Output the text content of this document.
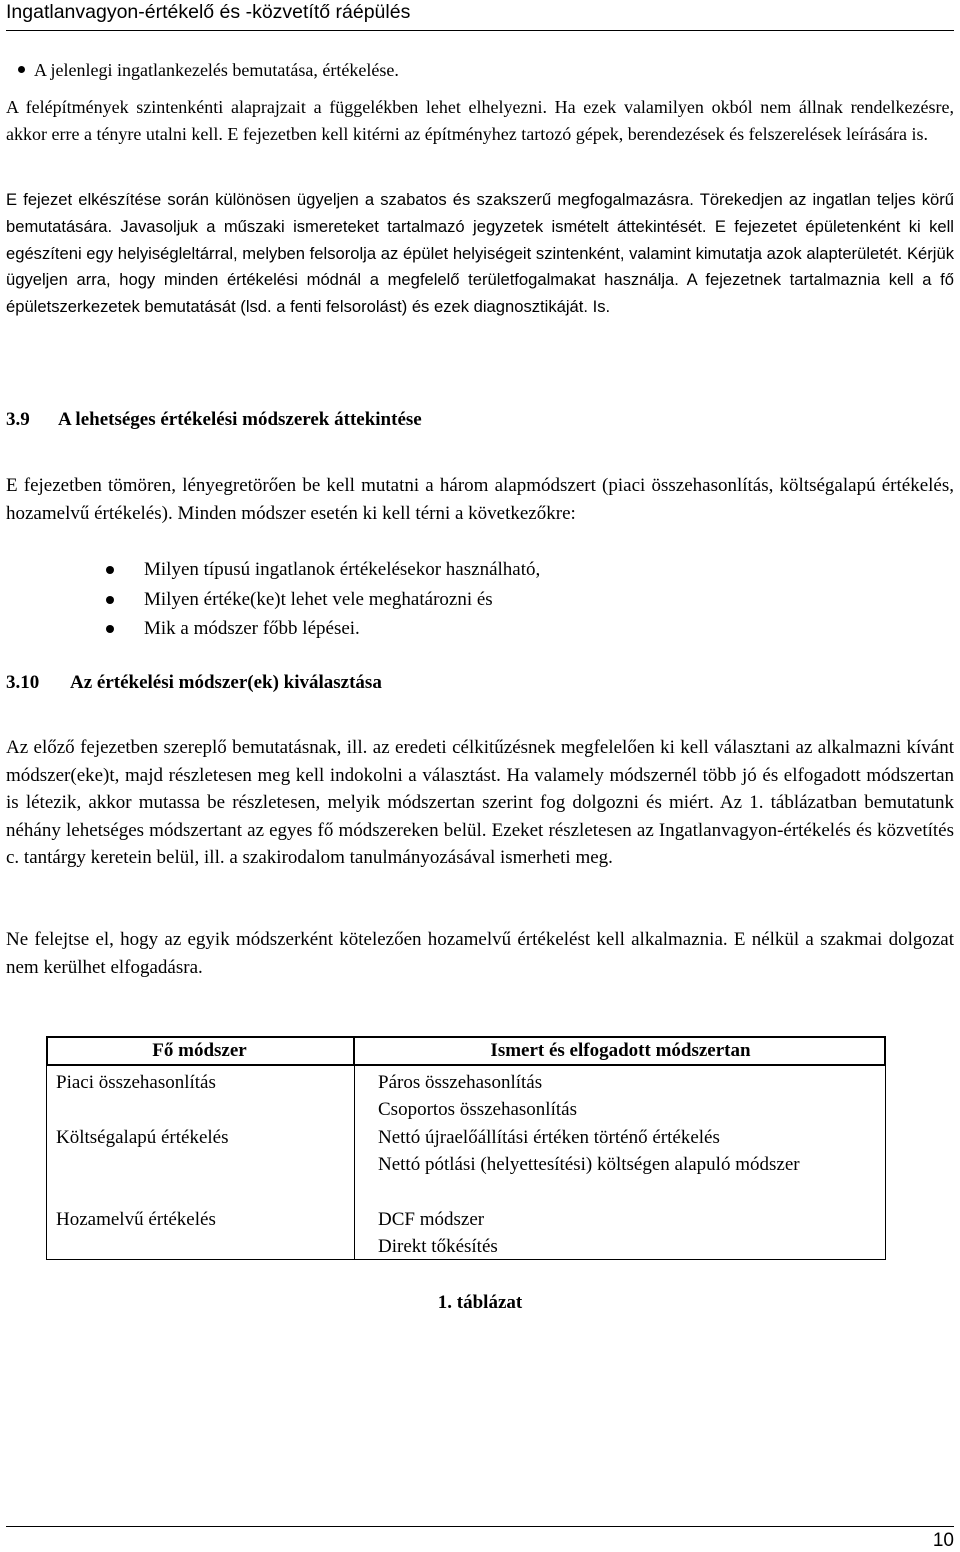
Ingatlanvagyon-értékelő és -közvetítő ráépülés
A jelenlegi ingatlankezelés bemutatása, értékelése.
A felépítmények szintenkénti alaprajzait a függelékben lehet elhelyezni. Ha ezek valamilyen okból nem állnak rendelkezésre, akkor erre a tényre utalni kell. E fejezetben kell kitérni az építményhez tartozó gépek, berendezések és felszerelések leírására is.
E fejezet elkészítése során különösen ügyeljen a szabatos és szakszerű megfogalmazásra. Törekedjen az ingatlan teljes körű bemutatására. Javasoljuk a műszaki ismereteket tartalmazó jegyzetek ismételt áttekintését. E fejezetet épületenként ki kell egészíteni egy helyiségleltárral, melyben felsorolja az épület helyiségeit szintenként, valamint kimutatja azok alapterületét. Kérjük ügyeljen arra, hogy minden értékelési módnál a megfelelő területfogalmakat használja. A fejezetnek tartalmaznia kell a fő épületszerkezetek bemutatását (lsd. a fenti felsorolást) és ezek diagnosztikáját. Is.
3.9 A lehetséges értékelési módszerek áttekintése
E fejezetben tömören, lényegretörően be kell mutatni a három alapmódszert (piaci összehasonlítás, költségalapú értékelés, hozamelvű értékelés). Minden módszer esetén ki kell térni a következőkre:
Milyen típusú ingatlanok értékelésekor használható,
Milyen értéke(ke)t lehet vele meghatározni és
Mik a módszer főbb lépései.
3.10 Az értékelési módszer(ek) kiválasztása
Az előző fejezetben szereplő bemutatásnak, ill. az eredeti célkitűzésnek megfelelően ki kell választani az alkalmazni kívánt módszer(eke)t, majd részletesen meg kell indokolni a választást. Ha valamely módszernél több jó és elfogadott módszertan is létezik, akkor mutassa be részletesen, melyik módszertan szerint fog dolgozni és miért. Az 1. táblázatban bemutatunk néhány lehetséges módszertant az egyes fő módszereken belül. Ezeket részletesen az Ingatlanvagyon-értékelés és közvetítés c. tantárgy keretein belül, ill. a szakirodalom tanulmányozásával ismerheti meg.
Ne felejtse el, hogy az egyik módszerként kötelezően hozamelvű értékelést kell alkalmaznia. E nélkül a szakmai dolgozat nem kerülhet elfogadásra.
Fő módszer	Ismert és elfogadott módszertan
Piaci összehasonlítás	Páros összehasonlítás
Csoportos összehasonlítás
Költségalapú értékelés	Nettó újraelőállítási értéken történő értékelés
Nettó pótlási (helyettesítési) költségen alapuló módszer
Hozamelvű értékelés	DCF módszer
Direkt tőkésítés
1. táblázat
10
